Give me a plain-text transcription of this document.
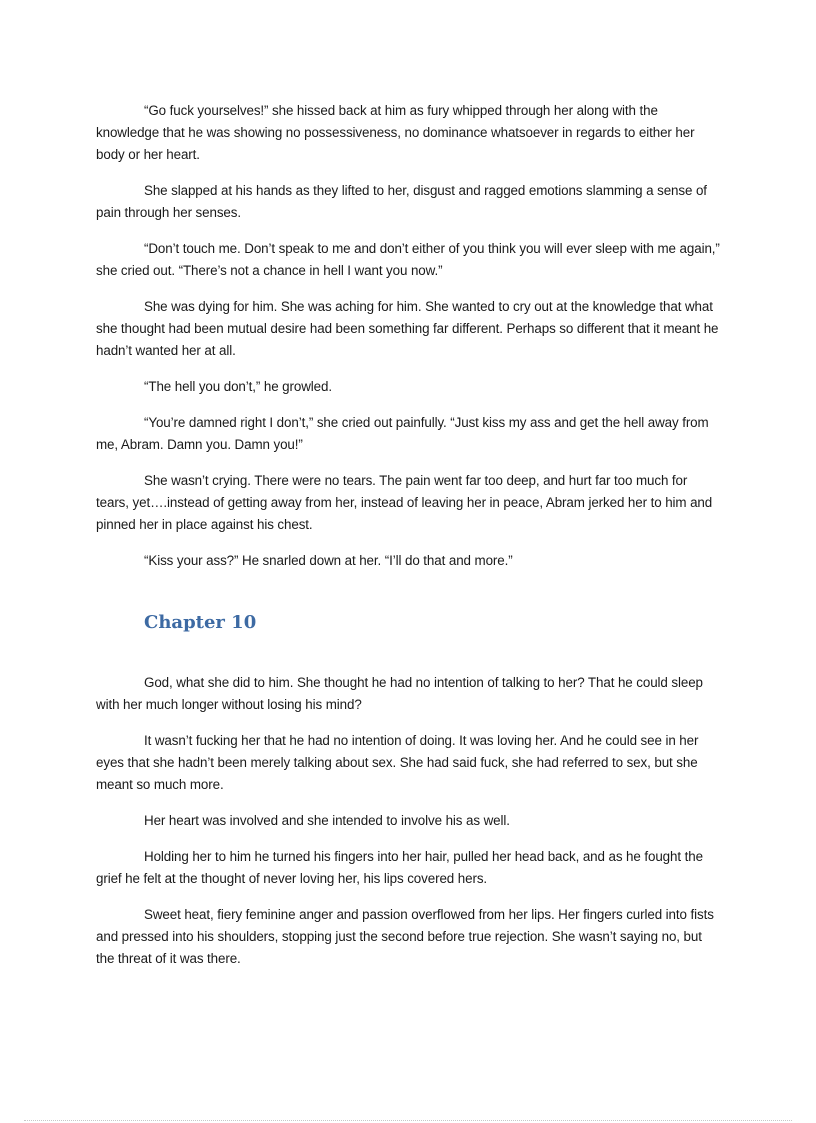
“Go fuck yourselves!” she hissed back at him as fury whipped through her along with the knowledge that he was showing no possessiveness, no dominance whatsoever in regards to either her body or her heart.

She slapped at his hands as they lifted to her, disgust and ragged emotions slamming a sense of pain through her senses.

“Don’t touch me. Don’t speak to me and don’t either of you think you will ever sleep with me again,” she cried out. “There’s not a chance in hell I want you now.”

She was dying for him. She was aching for him. She wanted to cry out at the knowledge that what she thought had been mutual desire had been something far different. Perhaps so different that it meant he hadn’t wanted her at all.

“The hell you don’t,” he growled.

“You’re damned right I don’t,” she cried out painfully. “Just kiss my ass and get the hell away from me, Abram. Damn you. Damn you!”

She wasn’t crying. There were no tears. The pain went far too deep, and hurt far too much for tears, yet….instead of getting away from her, instead of leaving her in peace, Abram jerked her to him and pinned her in place against his chest.

“Kiss your ass?” He snarled down at her. “I’ll do that and more.”

Chapter 10

God, what she did to him. She thought he had no intention of talking to her? That he could sleep with her much longer without losing his mind?

It wasn’t fucking her that he had no intention of doing. It was loving her. And he could see in her eyes that she hadn’t been merely talking about sex. She had said fuck, she had referred to sex, but she meant so much more.

Her heart was involved and she intended to involve his as well.

Holding her to him he turned his fingers into her hair, pulled her head back, and as he fought the grief he felt at the thought of never loving her, his lips covered hers.

Sweet heat, fiery feminine anger and passion overflowed from her lips. Her fingers curled into fists and pressed into his shoulders, stopping just the second before true rejection. She wasn’t saying no, but the threat of it was there.
